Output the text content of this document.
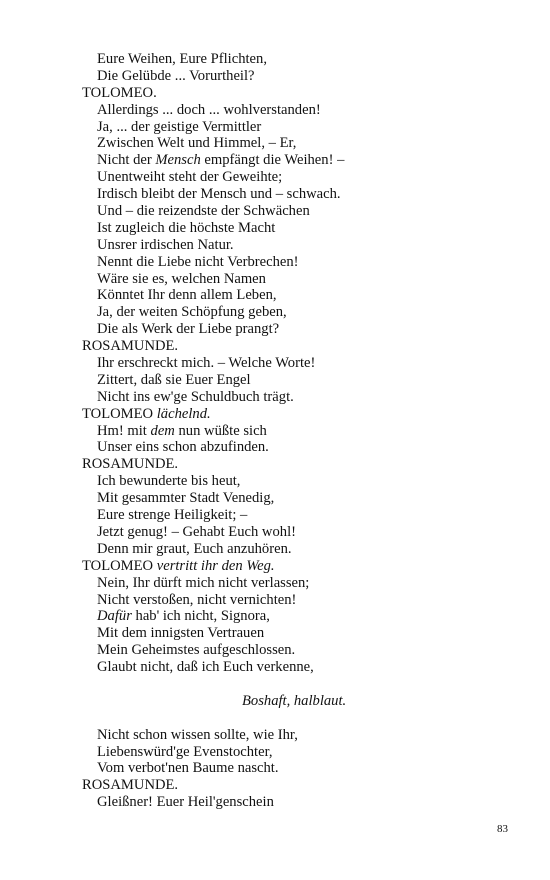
Eure Weihen, Eure Pflichten,
Die Gelübde ... Vorurtheil?
TOLOMEO.
Allerdings ... doch ... wohlverstanden!
Ja, ... der geistige Vermittler
Zwischen Welt und Himmel, – Er,
Nicht der Mensch empfängt die Weihen! –
Unentweiht steht der Geweihte;
Irdisch bleibt der Mensch und – schwach.
Und – die reizendste der Schwächen
Ist zugleich die höchste Macht
Unsrer irdischen Natur.
Nennt die Liebe nicht Verbrechen!
Wäre sie es, welchen Namen
Könntet Ihr denn allem Leben,
Ja, der weiten Schöpfung geben,
Die als Werk der Liebe prangt?
ROSAMUNDE.
Ihr erschreckt mich. – Welche Worte!
Zittert, daß sie Euer Engel
Nicht ins ew'ge Schuldbuch trägt.
TOLOMEO lächelnd.
Hm! mit dem nun wüßte sich
Unser eins schon abzufinden.
ROSAMUNDE.
Ich bewunderte bis heut,
Mit gesammter Stadt Venedig,
Eure strenge Heiligkeit; –
Jetzt genug! – Gehabt Euch wohl!
Denn mir graut, Euch anzuhören.
TOLOMEO vertritt ihr den Weg.
Nein, Ihr dürft mich nicht verlassen;
Nicht verstoßen, nicht vernichten!
Dafür hab' ich nicht, Signora,
Mit dem innigsten Vertrauen
Mein Geheimstes aufgeschlossen.
Glaubt nicht, daß ich Euch verkenne,
Boshaft, halblaut.
Nicht schon wissen sollte, wie Ihr,
Liebenswürd'ge Evenstochter,
Vom verbot'nen Baume nascht.
ROSAMUNDE.
Gleißner! Euer Heil'genschein
83
